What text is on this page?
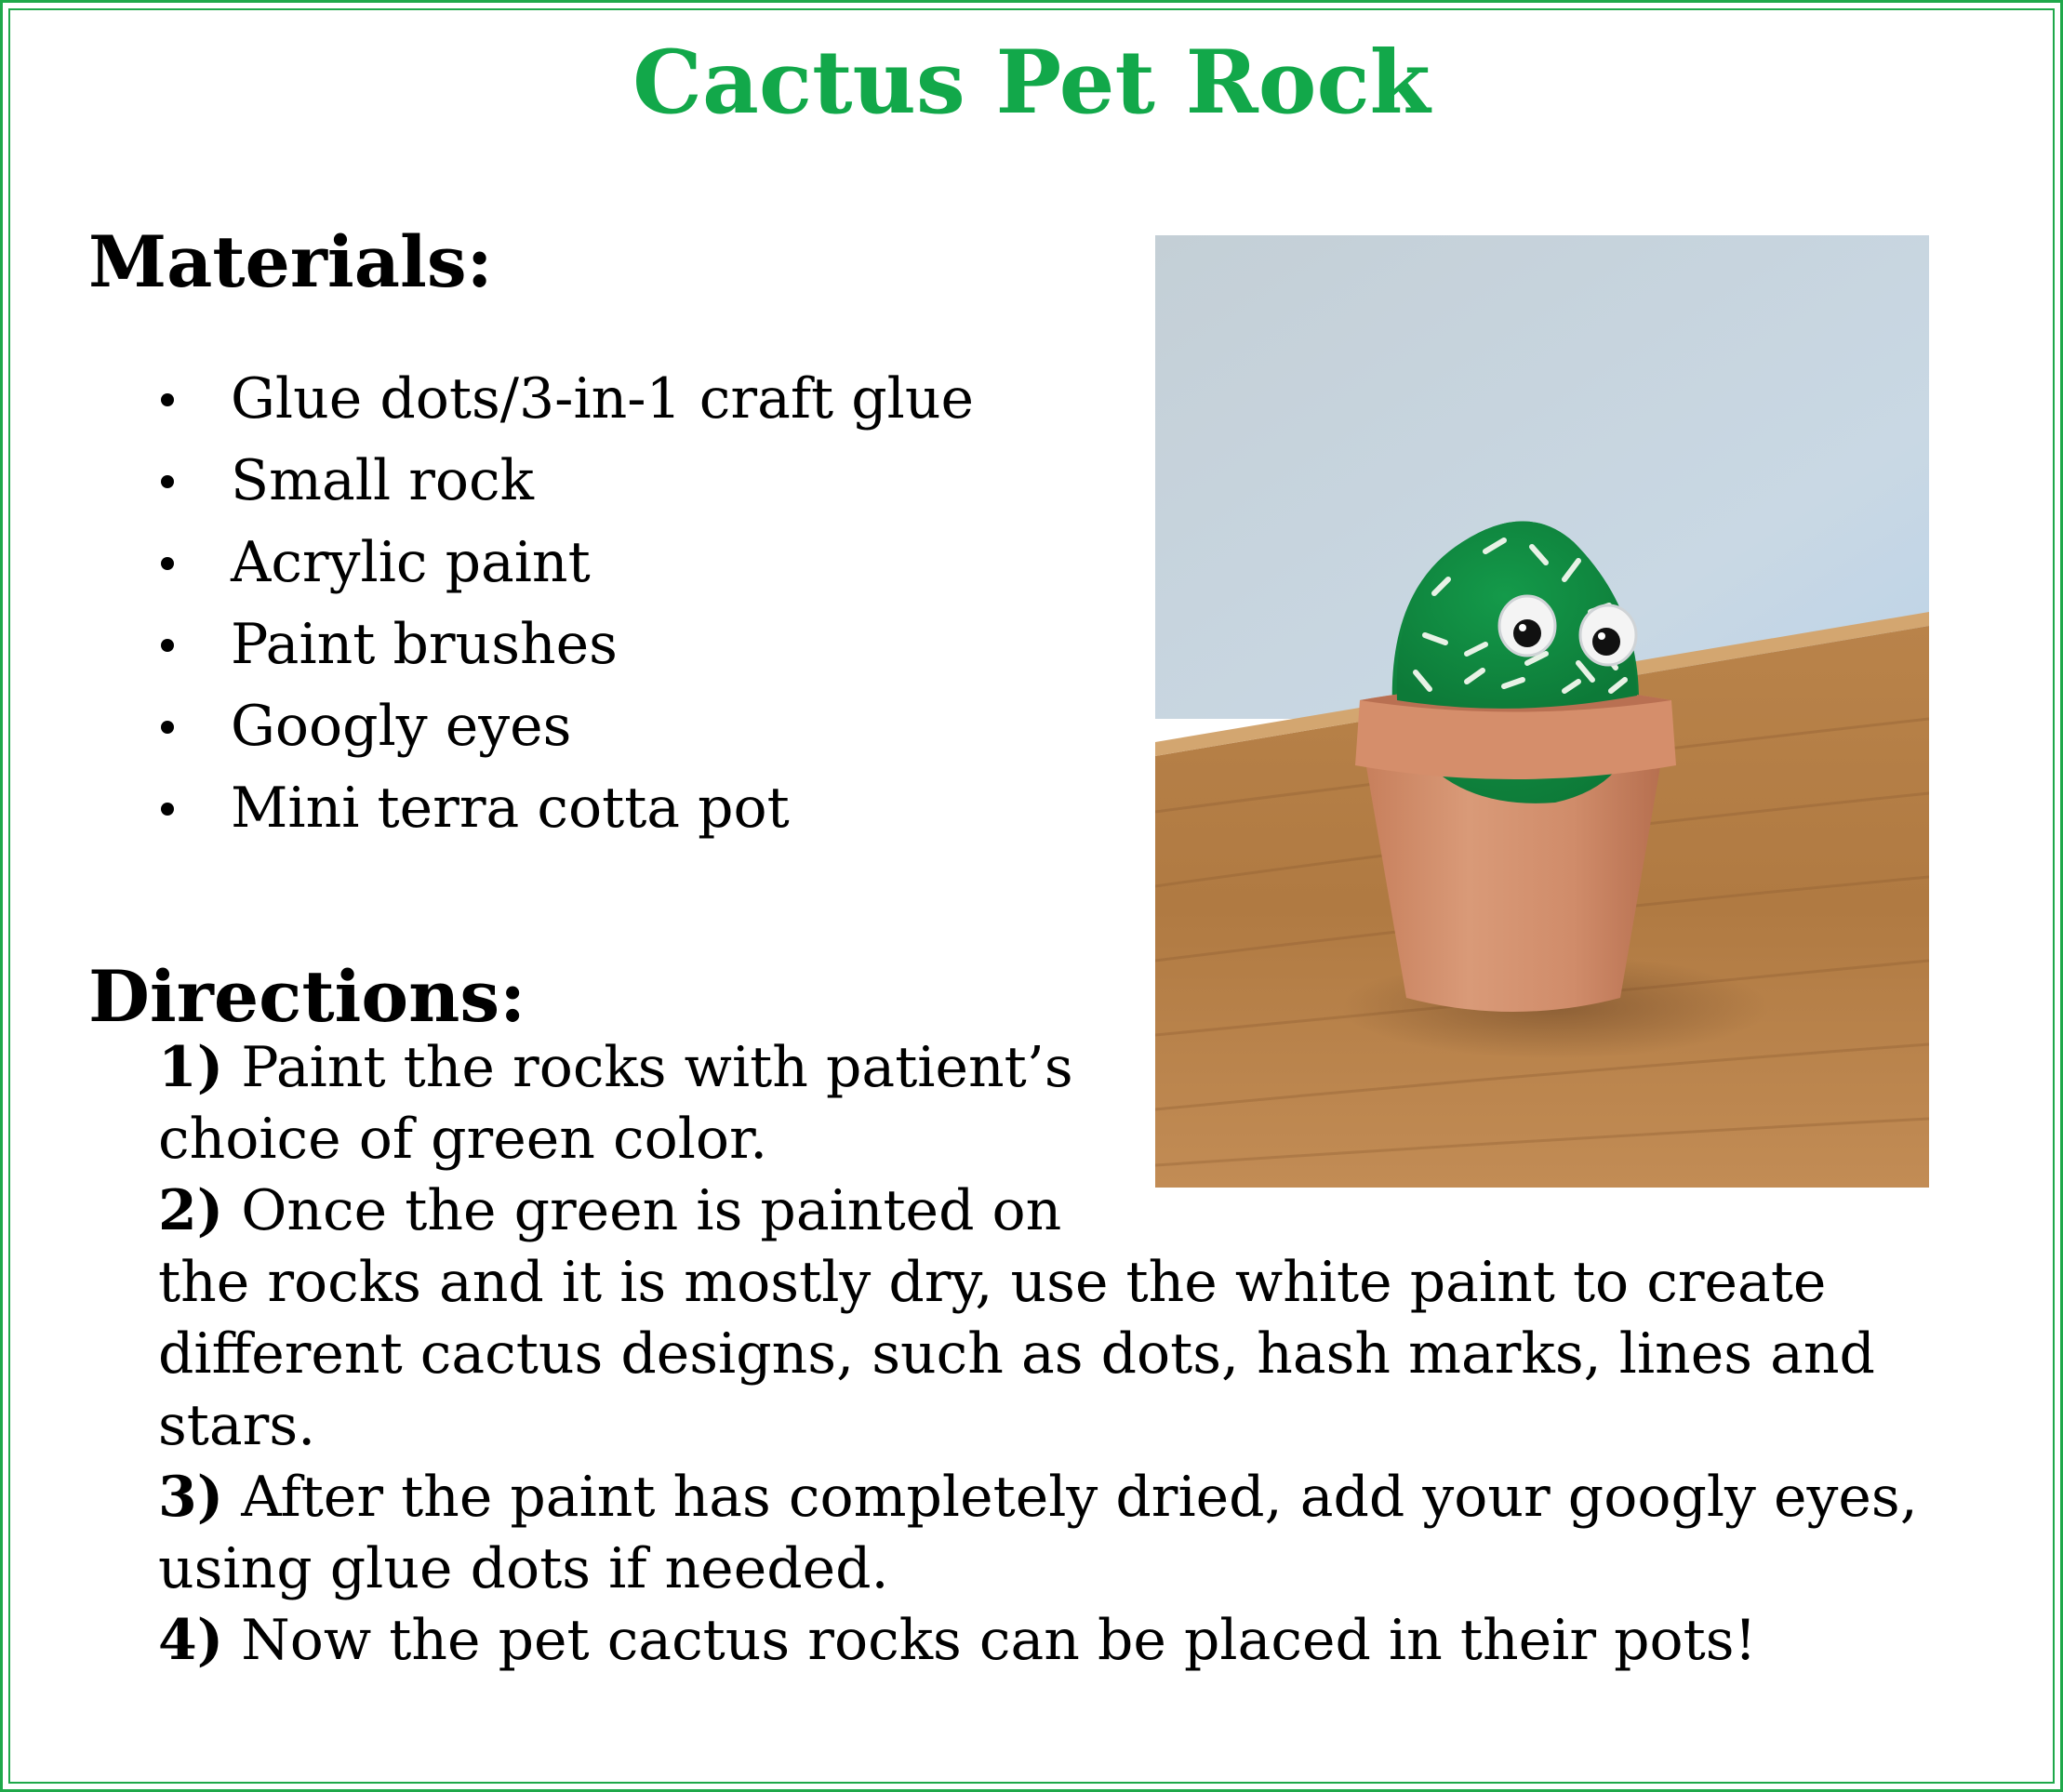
Cactus Pet Rock
Materials:
Glue dots/3-in-1 craft glue
Small rock
Acrylic paint
Paint brushes
Googly eyes
Mini terra cotta pot
Directions:
1) Paint the rocks with patient’s
choice of green color.
2) Once the green is painted on
the rocks and it is mostly dry, use the white paint to create
different cactus designs, such as dots, hash marks, lines and
stars.
3) After the paint has completely dried, add your googly eyes,
using glue dots if needed.
4) Now the pet cactus rocks can be placed in their pots!
